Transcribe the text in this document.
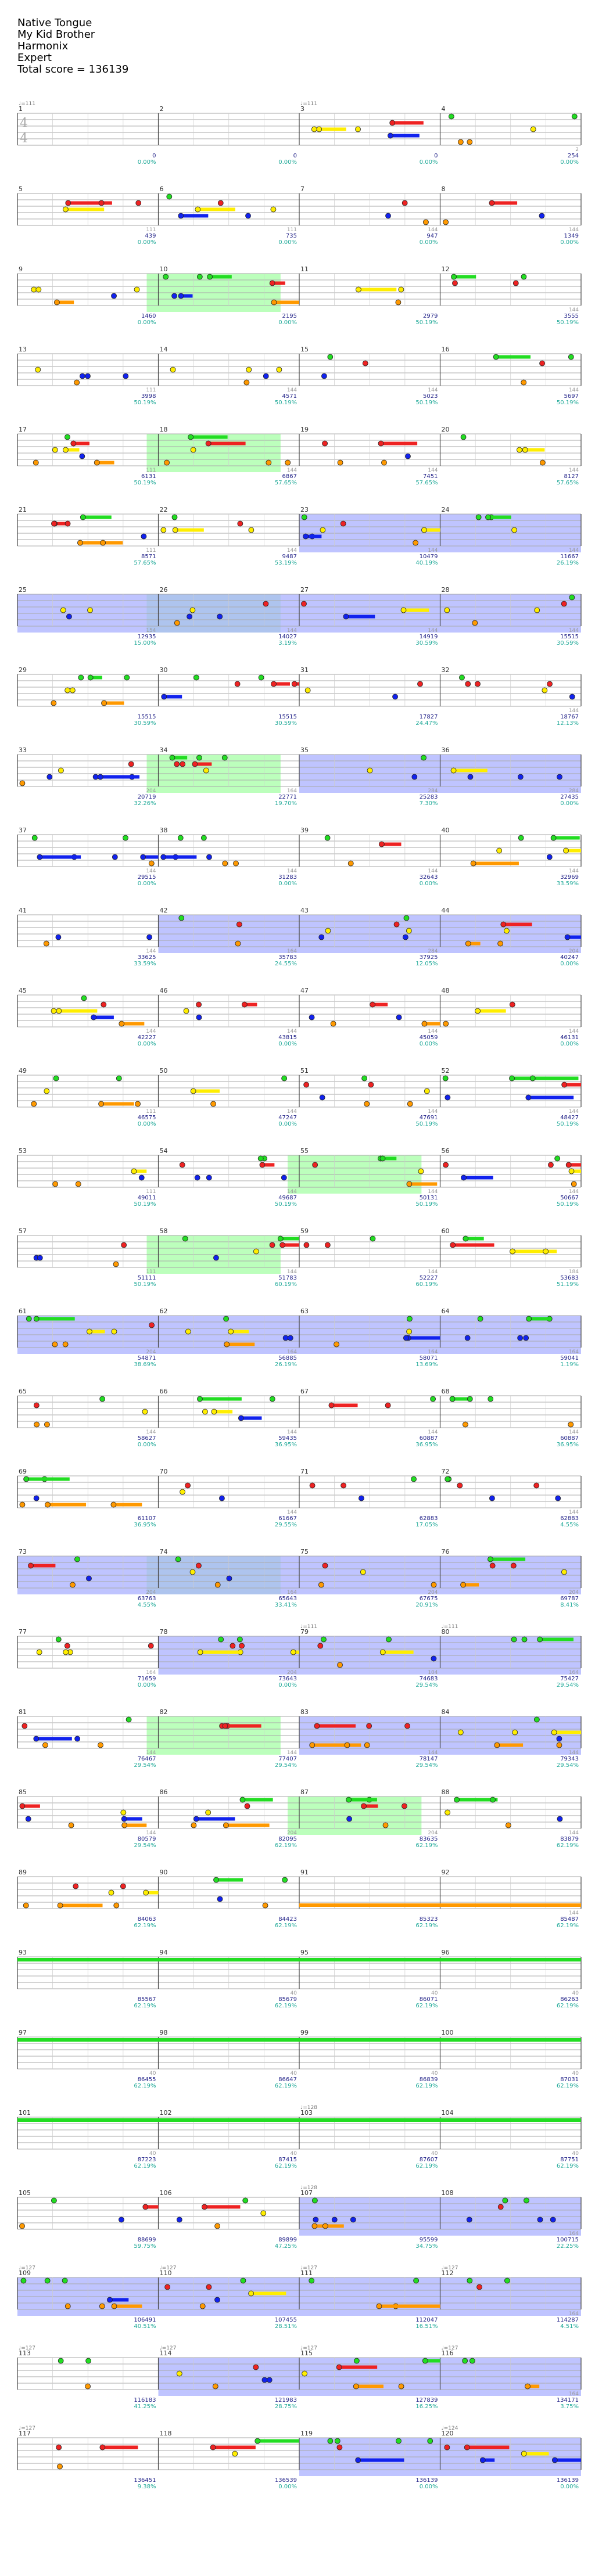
Native Tongue
My Kid Brother
Harmonix
Expert
Total score = 136139
4
4
1
♩=111
0
0.00%
2
0
0.00%
3
♩=111
0
0.00%
4
2
254
0.00%
5
111
439
0.00%
6
111
735
0.00%
7
144
947
0.00%
8
144
1349
0.00%
9
1460
0.00%
10
2195
0.00%
11
2979
50.19%
12
144
3555
50.19%
13
111
3998
50.19%
14
144
4571
50.19%
15
144
5023
50.19%
16
144
5697
50.19%
17
111
6131
50.19%
18
144
6867
57.65%
19
144
7451
57.65%
20
144
8127
57.65%
21
111
8571
57.65%
22
144
9487
53.19%
23
144
10479
40.19%
24
144
11667
26.19%
25
154
12935
15.00%
26
144
14027
3.19%
27
144
14919
30.59%
28
144
15515
30.59%
29
15515
30.59%
30
15515
30.59%
31
17827
24.47%
32
144
18767
12.13%
33
204
20719
32.26%
34
164
22771
19.70%
35
284
25283
7.30%
36
284
27435
0.00%
37
144
29515
0.00%
38
144
31283
0.00%
39
144
32643
0.00%
40
144
32969
33.59%
41
144
33625
33.59%
42
164
35783
24.55%
43
284
37925
12.05%
44
204
40247
0.00%
45
144
42227
0.00%
46
144
43815
0.00%
47
144
45059
0.00%
48
144
46131
0.00%
49
111
46575
0.00%
50
144
47247
0.00%
51
144
47691
50.19%
52
144
48427
50.19%
53
111
49011
50.19%
54
144
49687
50.19%
55
144
50131
50.19%
56
144
50667
50.19%
57
111
51111
50.19%
58
144
51783
60.19%
59
144
52227
60.19%
60
184
53683
51.19%
61
204
54871
38.69%
62
164
56885
26.19%
63
164
58071
13.69%
64
164
59041
1.19%
65
144
58627
0.00%
66
144
59435
36.95%
67
144
60887
36.95%
68
144
60887
36.95%
69
61107
36.95%
70
144
61667
29.55%
71
62883
17.05%
72
144
62883
4.55%
73
204
63763
4.55%
74
164
65643
33.41%
75
204
67675
20.91%
76
204
69787
8.41%
77
164
71659
0.00%
78
204
73643
0.00%
79
♩=111
104
74683
29.54%
80
♩=111
164
75427
29.54%
81
144
76467
29.54%
82
144
77407
29.54%
83
144
78147
29.54%
84
144
79343
29.54%
85
144
80579
29.54%
86
204
82095
62.19%
87
204
83635
62.19%
88
144
83879
62.19%
89
84063
62.19%
90
84423
62.19%
91
85323
62.19%
92
144
85487
62.19%
93
85567
62.19%
94
40
85679
62.19%
95
40
86071
62.19%
96
40
86263
62.19%
97
40
86455
62.19%
98
40
86647
62.19%
99
40
86839
62.19%
100
40
87031
62.19%
101
40
87223
62.19%
102
40
87415
62.19%
103
♩=128
40
87607
62.19%
104
40
87751
62.19%
105
88699
59.75%
106
89899
47.25%
107
♩=128
95599
34.75%
108
164
100715
22.25%
109
♩=127
106491
40.51%
110
♩=127
107455
28.51%
111
♩=127
112047
16.51%
112
♩=127
164
114287
4.51%
113
♩=127
116183
41.25%
114
♩=127
121983
28.75%
115
♩=127
127839
16.25%
116
♩=127
164
134171
3.75%
117
♩=127
136451
9.38%
118
136539
0.00%
119
136139
0.00%
120
♩=124
136139
0.00%
